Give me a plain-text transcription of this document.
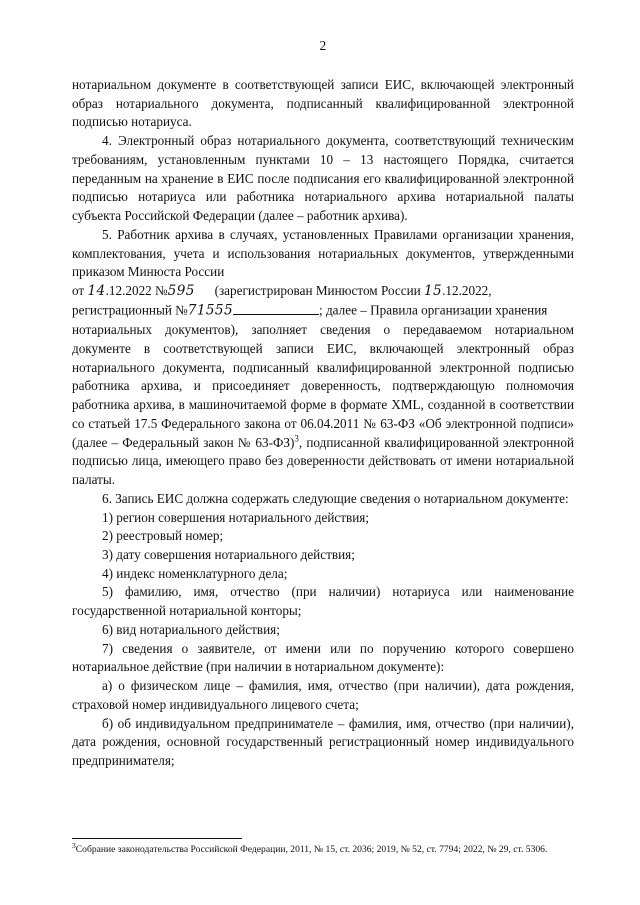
2

нотариальном документе в соответствующей записи ЕИС, включающей электронный образ нотариального документа, подписанный квалифицированной электронной подписью нотариуса.

4. Электронный образ нотариального документа, соответствующий техническим требованиям, установленным пунктами 10 – 13 настоящего Порядка, считается переданным на хранение в ЕИС после подписания его квалифицированной электронной подписью нотариуса или работника нотариального архива нотариальной палаты субъекта Российской Федерации (далее – работник архива).

5. Работник архива в случаях, установленных Правилами организации хранения, комплектования, учета и использования нотариальных документов, утвержденными приказом Минюста России

от 14.12.2022 №595 (зарегистрирован Минюстом России 15.12.2022,

регистрационный №71555	; далее – Правила организации хранения

нотариальных документов), заполняет сведения о передаваемом нотариальном документе в соответствующей записи ЕИС, включающей электронный образ нотариального документа, подписанный квалифицированной электронной подписью работника архива, и присоединяет доверенность, подтверждающую полномочия работника архива, в машиночитаемой форме в формате XML, созданной в соответствии со статьей 17.5 Федерального закона от 06.04.2011 № 63-ФЗ «Об электронной подписи» (далее – Федеральный закон № 63-ФЗ)$^3$, подписанной квалифицированной электронной подписью лица, имеющего право без доверенности действовать от имени нотариальной палаты.

6. Запись ЕИС должна содержать следующие сведения о нотариальном документе:

1) регион совершения нотариального действия;

2) реестровый номер;

3) дату совершения нотариального действия;

4) индекс номенклатурного дела;

5) фамилию, имя, отчество (при наличии) нотариуса или наименование государственной нотариальной конторы;

6) вид нотариального действия;

7) сведения о заявителе, от имени или по поручению которого совершено нотариальное действие (при наличии в нотариальном документе):

а) о физическом лице – фамилия, имя, отчество (при наличии), дата рождения, страховой номер индивидуального лицевого счета;

б) об индивидуальном предпринимателе – фамилия, имя, отчество (при наличии), дата рождения, основной государственный регистрационный номер индивидуального предпринимателя;

$^3$Собрание законодательства Российской Федерации, 2011, № 15, ст. 2036; 2019, № 52, ст. 7794; 2022, № 29, ст. 5306.
